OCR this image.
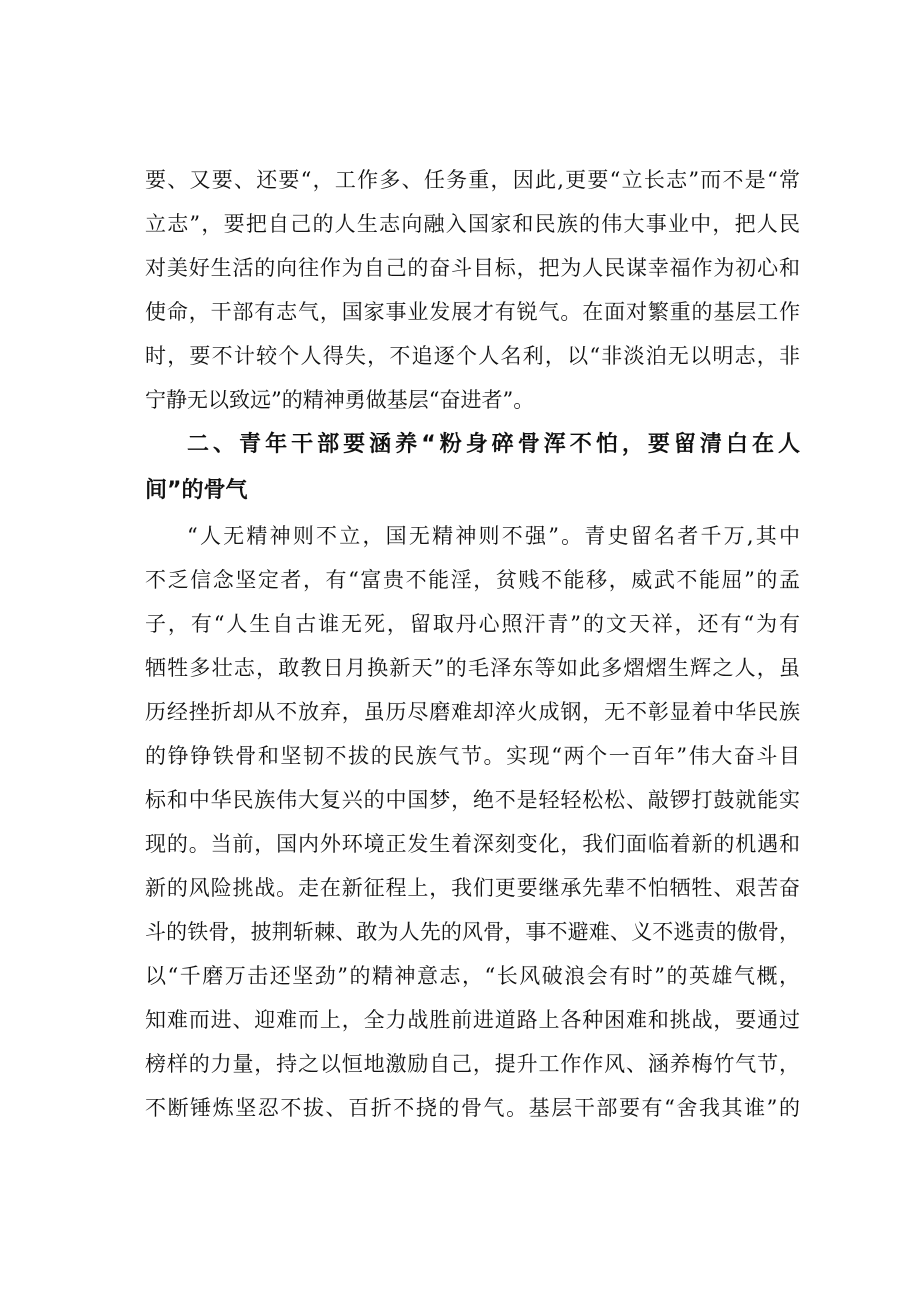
要、又要、还要“，工作多、任务重，因此,更要“立长志”而不是“常
立志”，要把自己的人生志向融入国家和民族的伟大事业中，把人民
对美好生活的向往作为自己的奋斗目标，把为人民谋幸福作为初心和
使命，干部有志气，国家事业发展才有锐气。在面对繁重的基层工作
时，要不计较个人得失，不追逐个人名利，以“非淡泊无以明志，非
宁静无以致远”的精神勇做基层“奋进者”。
二、青年干部要涵养“粉身碎骨浑不怕，要留清白在人
间”的骨气
“人无精神则不立，国无精神则不强”。青史留名者千万,其中
不乏信念坚定者，有“富贵不能淫，贫贱不能移，威武不能屈”的孟
子，有“人生自古谁无死，留取丹心照汗青”的文天祥，还有“为有
牺牲多壮志，敢教日月换新天”的毛泽东等如此多熠熠生辉之人，虽
历经挫折却从不放弃，虽历尽磨难却淬火成钢，无不彰显着中华民族
的铮铮铁骨和坚韧不拔的民族气节。实现“两个一百年”伟大奋斗目
标和中华民族伟大复兴的中国梦，绝不是轻轻松松、敲锣打鼓就能实
现的。当前，国内外环境正发生着深刻变化，我们面临着新的机遇和
新的风险挑战。走在新征程上，我们更要继承先辈不怕牺牲、艰苦奋
斗的铁骨，披荆斩棘、敢为人先的风骨，事不避难、义不逃责的傲骨，
以“千磨万击还坚劲”的精神意志，“长风破浪会有时”的英雄气概，
知难而进、迎难而上，全力战胜前进道路上各种困难和挑战，要通过
榜样的力量，持之以恒地激励自己，提升工作作风、涵养梅竹气节，
不断锤炼坚忍不拔、百折不挠的骨气。基层干部要有“舍我其谁”的
